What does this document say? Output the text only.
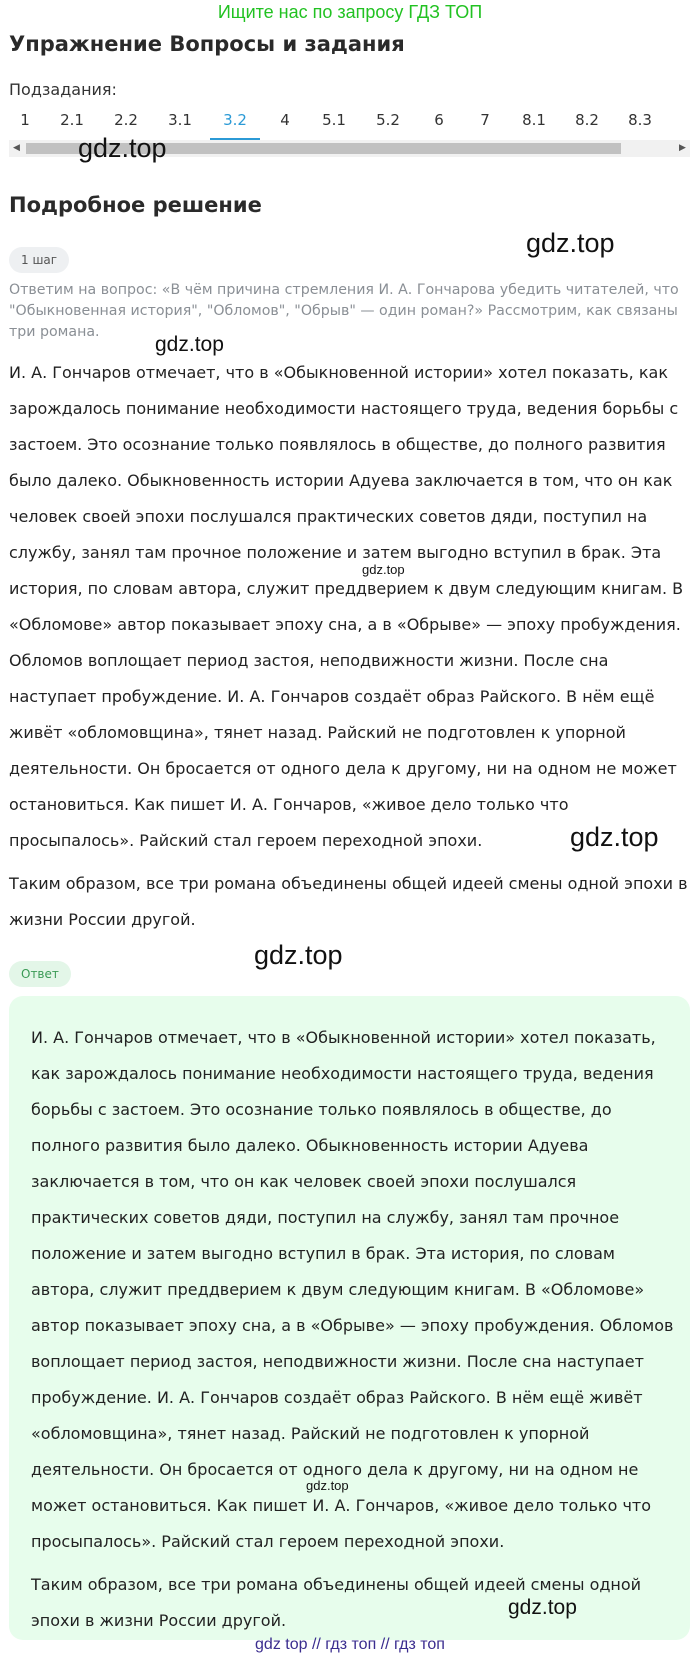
Ищите нас по запросу ГДЗ ТОП
Упражнение Вопросы и задания
Подзадания:
1	2.1 2.2 3.1 3.2	4	5.1 5.2	6	7	8.1 8.2 8.3
◀	▶
gdz.top
Подробное решение
gdz.top
1 шаг
Ответим на вопрос: «В чём причина стремления И. А. Гончарова убедить читателей, что "Обыкновенная история", "Обломов", "Обрыв" — один роман?» Рассмотрим, как связаны три романа.
gdz.top
И. А. Гончаров отмечает, что в «Обыкновенной истории» хотел показать, как зарождалось понимание необходимости настоящего труда, ведения борьбы с застоем. Это осознание только появлялось в обществе, до полного развития было далеко. Обыкновенность истории Адуева заключается в том, что он как человек своей эпохи послушался практических советов дяди, поступил на службу, занял там прочное положение и затем выгодно вступил в брак. Эта история, по словам автора, служит преддверием к двум следующим книгам. В «Обломове» автор показывает эпоху сна, а в «Обрыве» — эпоху пробуждения. Обломов воплощает период застоя, неподвижности жизни. После сна наступает пробуждение. И. А. Гончаров создаёт образ Райского. В нём ещё живёт «обломовщина», тянет назад. Райский не подготовлен к упорной деятельности. Он бросается от одного дела к другому, ни на одном не может остановиться. Как пишет И. А. Гончаров, «живое дело только что просыпалось». Райский стал героем переходной эпохи.
gdz.top
gdz.top
Таким образом, все три романа объединены общей идеей смены одной эпохи в жизни России другой.
gdz.top
Ответ
И. А. Гончаров отмечает, что в «Обыкновенной истории» хотел показать, как зарождалось понимание необходимости настоящего труда, ведения борьбы с застоем. Это осознание только появлялось в обществе, до полного развития было далеко. Обыкновенность истории Адуева заключается в том, что он как человек своей эпохи послушался практических советов дяди, поступил на службу, занял там прочное положение и затем выгодно вступил в брак. Эта история, по словам автора, служит преддверием к двум следующим книгам. В «Обломове» автор показывает эпоху сна, а в «Обрыве» — эпоху пробуждения. Обломов воплощает период застоя, неподвижности жизни. После сна наступает пробуждение. И. А. Гончаров создаёт образ Райского. В нём ещё живёт «обломовщина», тянет назад. Райский не подготовлен к упорной деятельности. Он бросается от одного дела к другому, ни на одном не может остановиться. Как пишет И. А. Гончаров, «живое дело только что просыпалось». Райский стал героем переходной эпохи.
gdz.top
Таким образом, все три романа объединены общей идеей смены одной эпохи в жизни России другой.
gdz.top
gdz top // гдз топ // гдз топ
